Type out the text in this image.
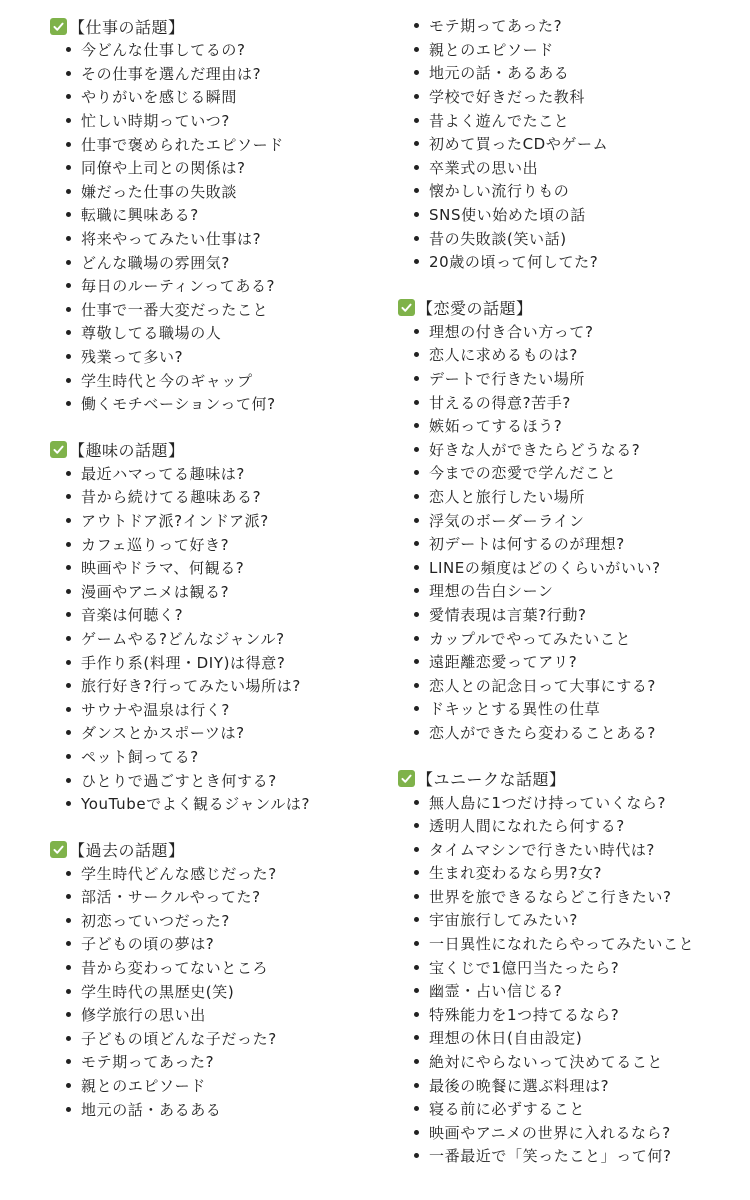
【仕事の話題】
今どんな仕事してるの?
その仕事を選んだ理由は?
やりがいを感じる瞬間
忙しい時期っていつ?
仕事で褒められたエピソード
同僚や上司との関係は?
嫌だった仕事の失敗談
転職に興味ある?
将来やってみたい仕事は?
どんな職場の雰囲気?
毎日のルーティンってある?
仕事で一番大変だったこと
尊敬してる職場の人
残業って多い?
学生時代と今のギャップ
働くモチベーションって何?
【趣味の話題】
最近ハマってる趣味は?
昔から続けてる趣味ある?
アウトドア派?インドア派?
カフェ巡りって好き?
映画やドラマ、何観る?
漫画やアニメは観る?
音楽は何聴く?
ゲームやる?どんなジャンル?
手作り系(料理・DIY)は得意?
旅行好き?行ってみたい場所は?
サウナや温泉は行く?
ダンスとかスポーツは?
ペット飼ってる?
ひとりで過ごすとき何する?
YouTubeでよく観るジャンルは?
【過去の話題】
学生時代どんな感じだった?
部活・サークルやってた?
初恋っていつだった?
子どもの頃の夢は?
昔から変わってないところ
学生時代の黒歴史(笑)
修学旅行の思い出
子どもの頃どんな子だった?
モテ期ってあった?
親とのエピソード
地元の話・あるある
モテ期ってあった?
親とのエピソード
地元の話・あるある
学校で好きだった教科
昔よく遊んでたこと
初めて買ったCDやゲーム
卒業式の思い出
懐かしい流行りもの
SNS使い始めた頃の話
昔の失敗談(笑い話)
20歳の頃って何してた?
【恋愛の話題】
理想の付き合い方って?
恋人に求めるものは?
デートで行きたい場所
甘えるの得意?苦手?
嫉妬ってするほう?
好きな人ができたらどうなる?
今までの恋愛で学んだこと
恋人と旅行したい場所
浮気のボーダーライン
初デートは何するのが理想?
LINEの頻度はどのくらいがいい?
理想の告白シーン
愛情表現は言葉?行動?
カップルでやってみたいこと
遠距離恋愛ってアリ?
恋人との記念日って大事にする?
ドキッとする異性の仕草
恋人ができたら変わることある?
【ユニークな話題】
無人島に1つだけ持っていくなら?
透明人間になれたら何する?
タイムマシンで行きたい時代は?
生まれ変わるなら男?女?
世界を旅できるならどこ行きたい?
宇宙旅行してみたい?
一日異性になれたらやってみたいこと
宝くじで1億円当たったら?
幽霊・占い信じる?
特殊能力を1つ持てるなら?
理想の休日(自由設定)
絶対にやらないって決めてること
最後の晩餐に選ぶ料理は?
寝る前に必ずすること
映画やアニメの世界に入れるなら?
一番最近で「笑ったこと」って何?
